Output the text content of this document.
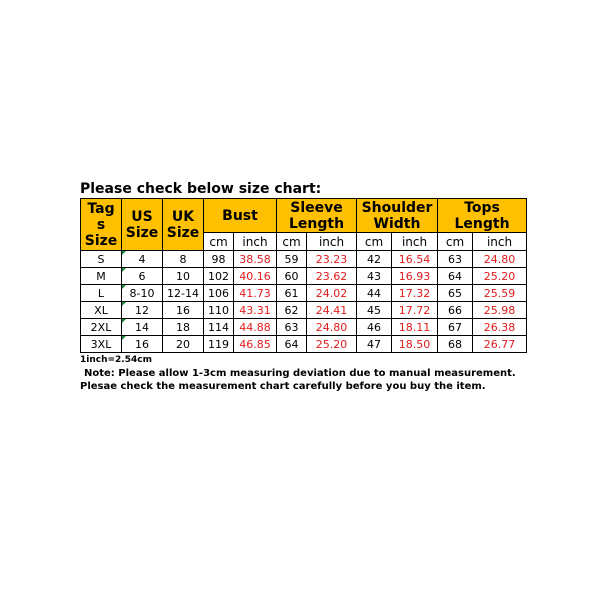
Please check below size chart:
Tag s Size	US Size	UK Size	Bust		Sleeve Length		Shoulder Width		Tops Length	
			cm	inch	cm	inch	cm	inch	cm	inch
S	4	8	98	38.58	59	23.23	42	16.54	63	24.80
M	6	10	102	40.16	60	23.62	43	16.93	64	25.20
L	8-10	12-14	106	41.73	61	24.02	44	17.32	65	25.59
XL	12	16	110	43.31	62	24.41	45	17.72	66	25.98
2XL	14	18	114	44.88	63	24.80	46	18.11	67	26.38
3XL	16	20	119	46.85	64	25.20	47	18.50	68	26.77
1inch=2.54cm
Note: Please allow 1-3cm measuring deviation due to manual measurement.
Plesae check the measurement chart carefully before you buy the item.
